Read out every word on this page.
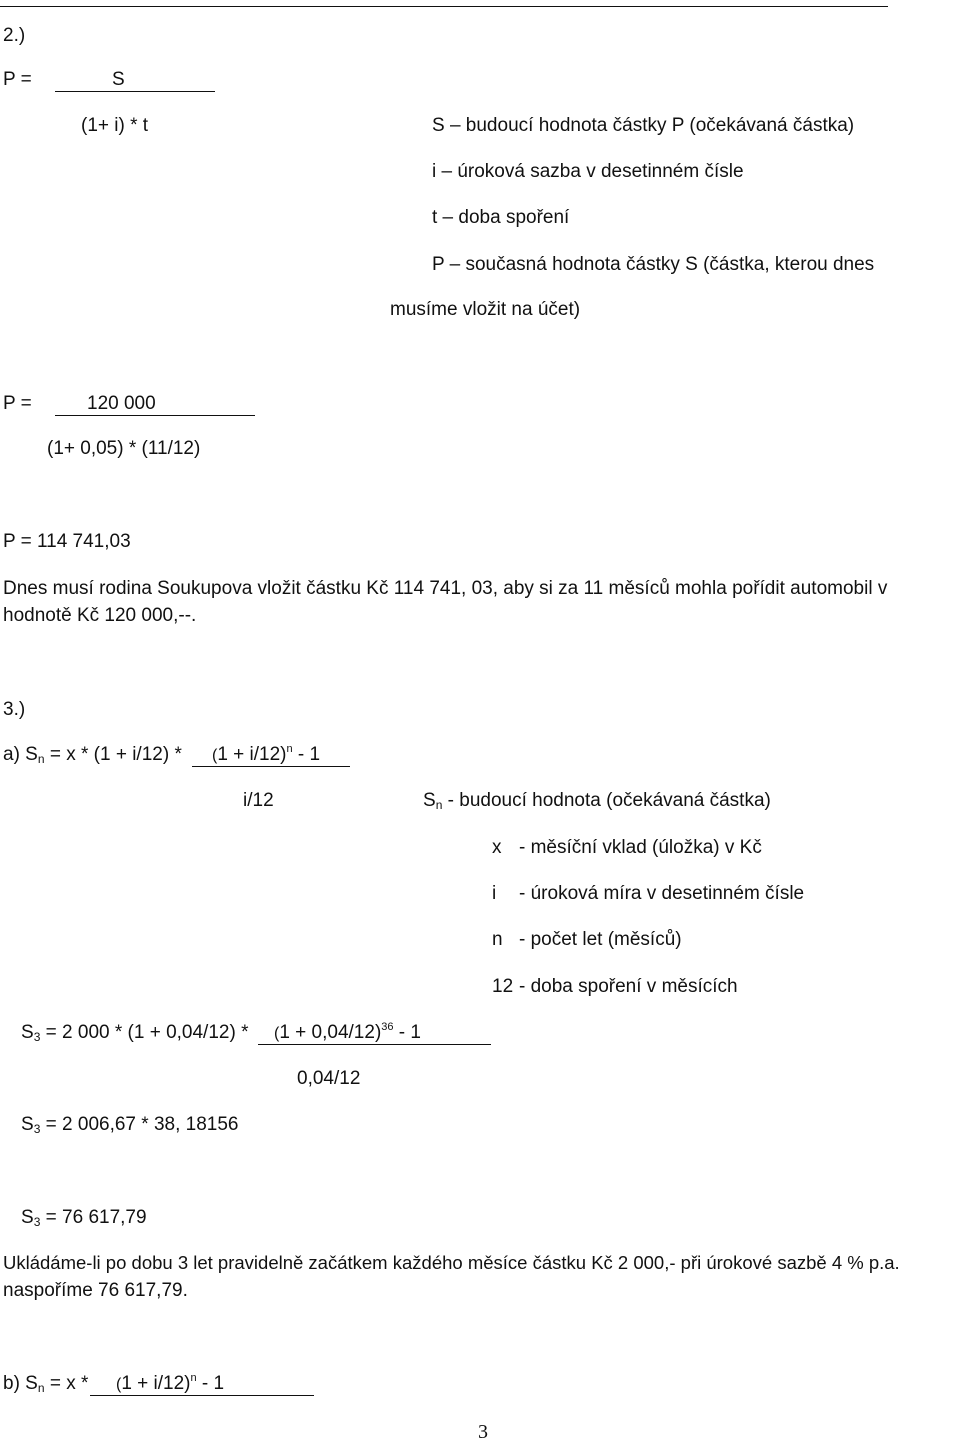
2.)
P =	S
(1+ i) * t	S – budoucí hodnota částky P (očekávaná částka)
i – úroková sazba v desetinném čísle
t – doba spoření
P – současná hodnota částky S (částka, kterou dnes
musíme vložit na účet)
P =	120 000
(1+ 0,05) * (11/12)
P = 114 741,03
Dnes musí rodina Soukupova vložit částku Kč 114 741, 03, aby si za 11 měsíců mohla pořídit automobil v
hodnotě Kč 120 000,--.
3.)
a) $S_n = x * (1 + i/12) * (1 + i/12)^n - 1$
i/12	$S_n$ - budoucí hodnota (očekávaná částka)
x - měsíční vklad (úložka) v Kč
i - úroková míra v desetinném čísle
n - počet let (měsíců)
12 - doba spoření v měsících
$S_3 = 2$ $000 * (1 + 0,04/12) * (1 + 0,04/12)^{36} - 1$
0,04/12
$S_3 = 2$ 006,67 * 38, 18156
$S_3 = 76$ 617,79
Ukládáme-li po dobu 3 let pravidelně začátkem každého měsíce částku Kč 2 000,- při úrokové sazbě 4 % p.a.
naspoříme 76 617,79.
b) $S_n = x * (1 + i/12)^n - 1$
3
